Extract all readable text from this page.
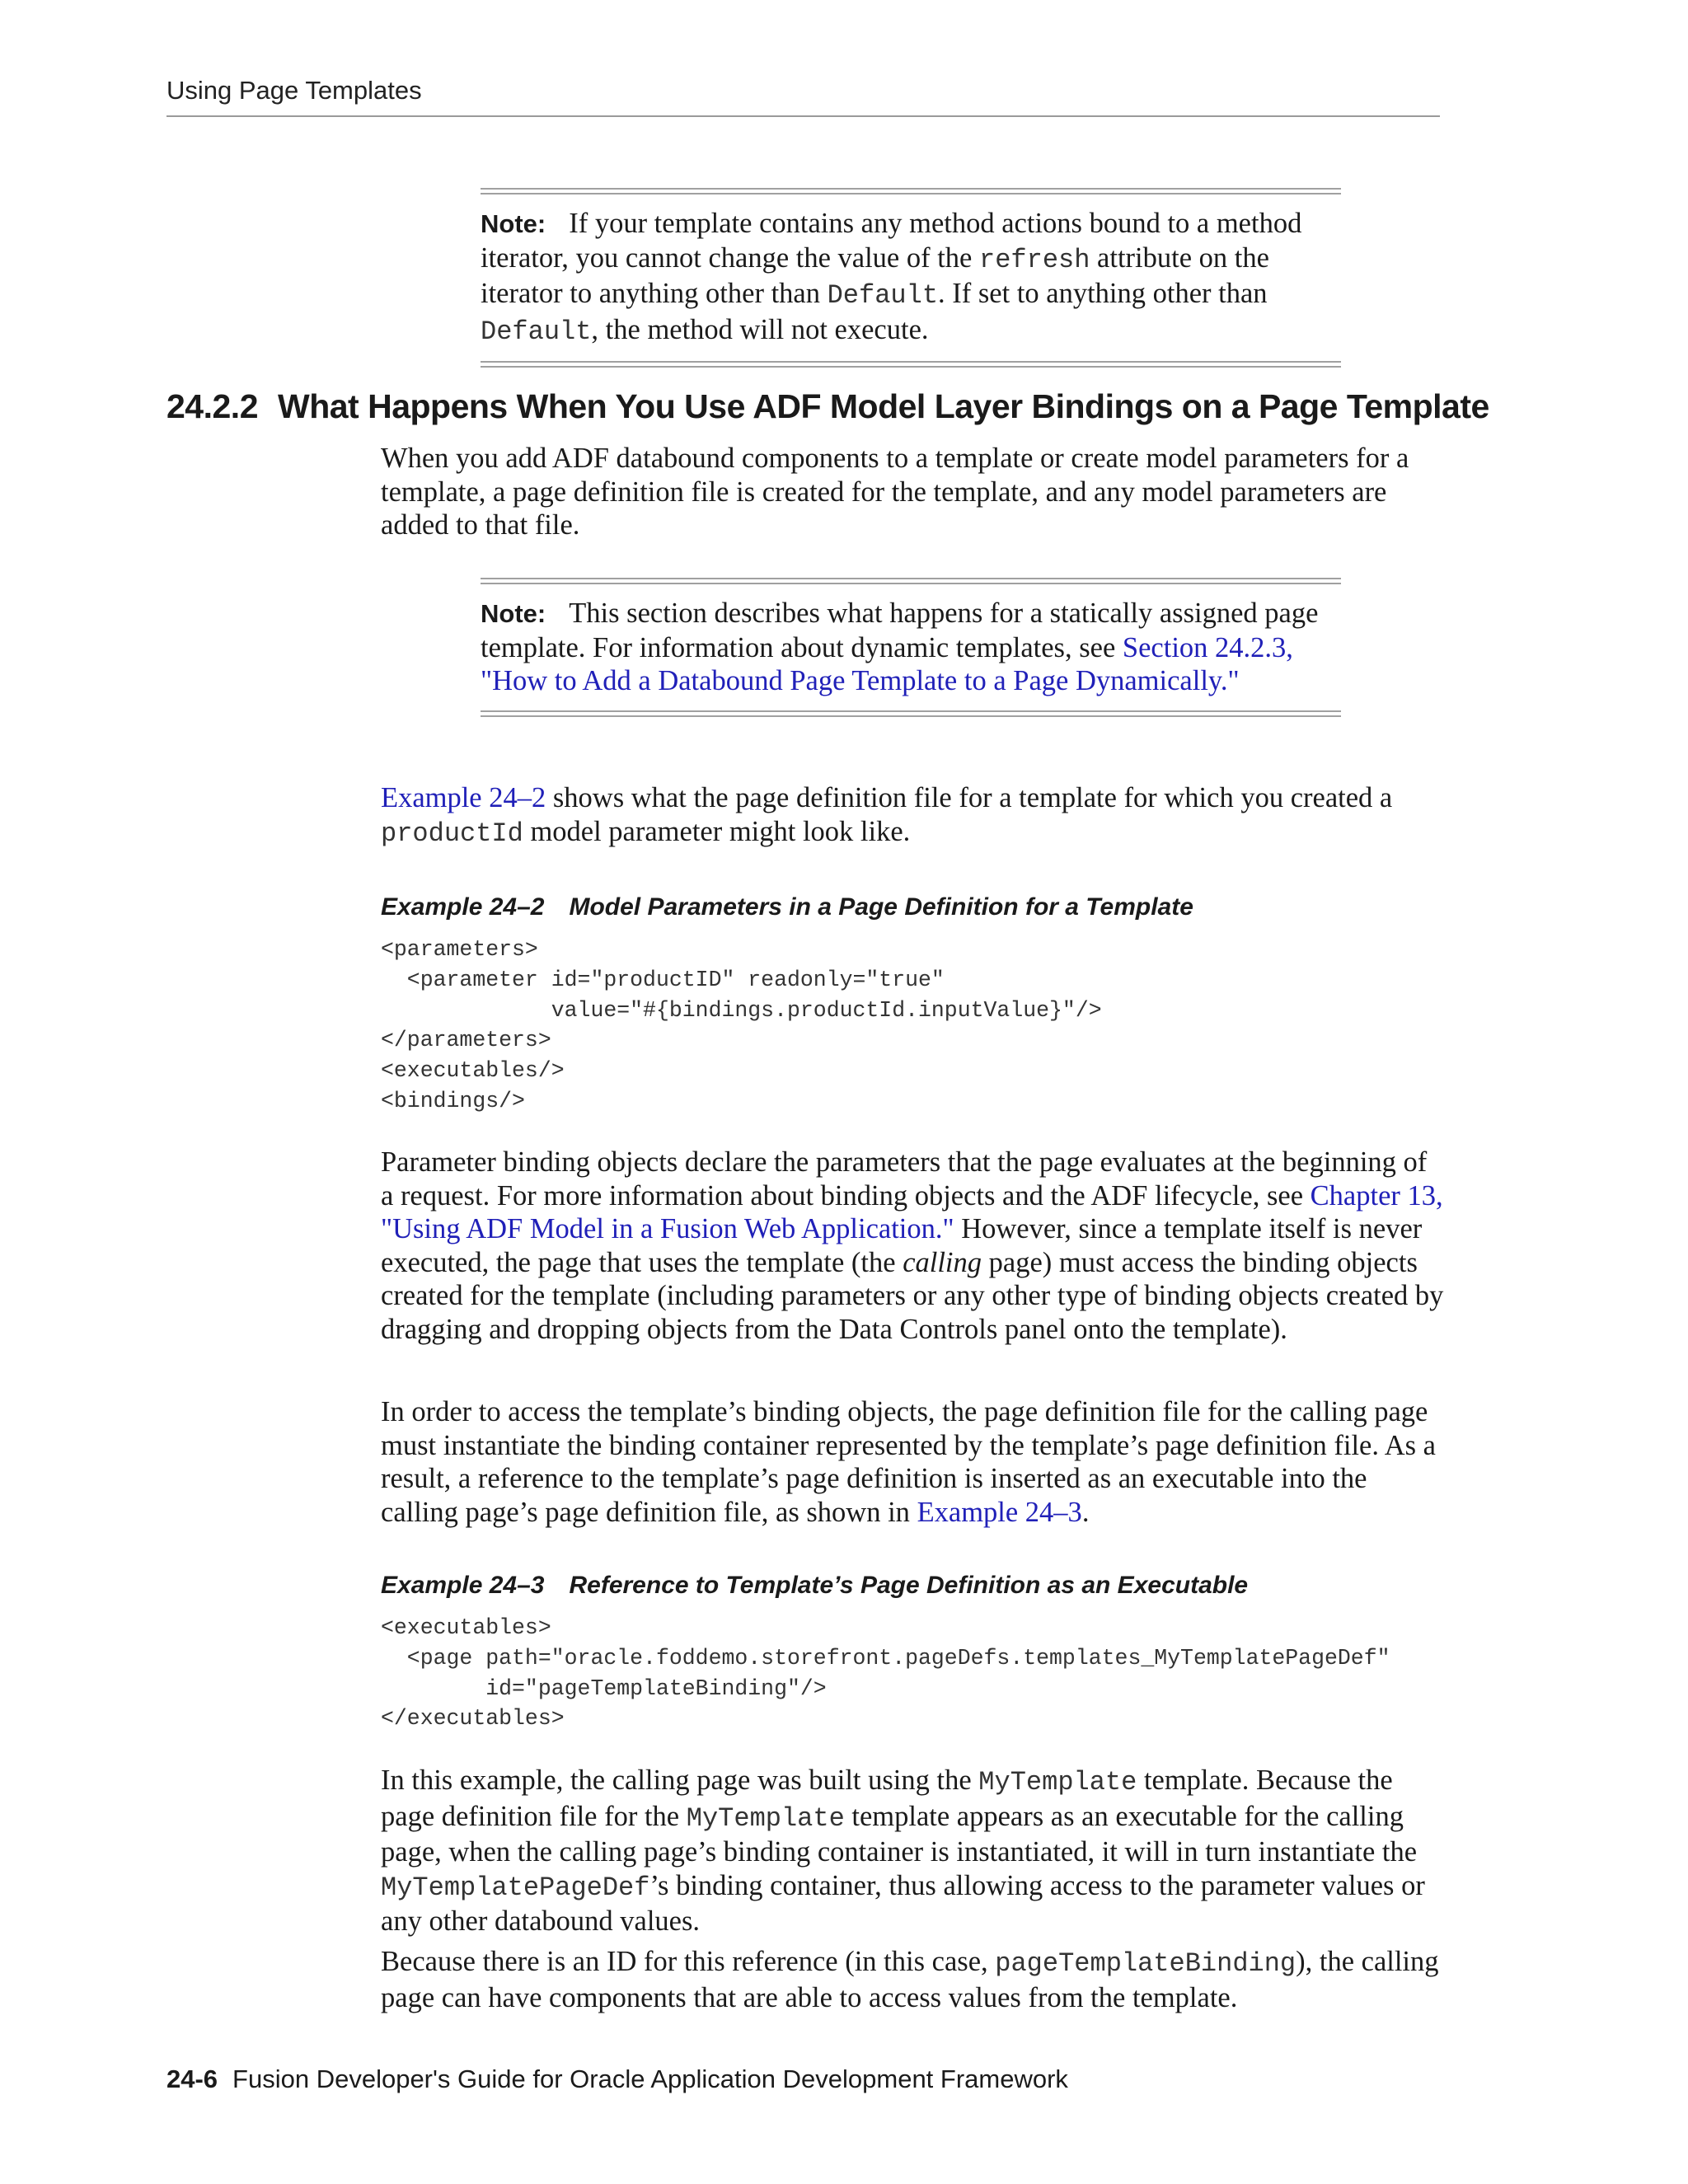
Using Page Templates

Note: If your template contains any method actions bound to a method iterator, you cannot change the value of the refresh attribute on the iterator to anything other than Default. If set to anything other than Default, the method will not execute.

24.2.2 What Happens When You Use ADF Model Layer Bindings on a Page Template

When you add ADF databound components to a template or create model parameters for a template, a page definition file is created for the template, and any model parameters are added to that file.

Note: This section describes what happens for a statically assigned page template. For information about dynamic templates, see Section 24.2.3, "How to Add a Databound Page Template to a Page Dynamically."

Example 24–2 shows what the page definition file for a template for which you created a productId model parameter might look like.

Example 24–2 Model Parameters in a Page Definition for a Template
<parameters>
<parameter id="productID" readonly="true"
value="#{bindings.productId.inputValue}"/>
</parameters>
<executables/>
<bindings/>

Parameter binding objects declare the parameters that the page evaluates at the beginning of a request. For more information about binding objects and the ADF lifecycle, see Chapter 13, "Using ADF Model in a Fusion Web Application." However, since a template itself is never executed, the page that uses the template (the calling page) must access the binding objects created for the template (including parameters or any other type of binding objects created by dragging and dropping objects from the Data Controls panel onto the template).

In order to access the template’s binding objects, the page definition file for the calling page must instantiate the binding container represented by the template’s page definition file. As a result, a reference to the template’s page definition is inserted as an executable into the calling page’s page definition file, as shown in Example 24–3.

Example 24–3 Reference to Template’s Page Definition as an Executable
<executables>
<page path="oracle.foddemo.storefront.pageDefs.templates_MyTemplatePageDef"
id="pageTemplateBinding"/>
</executables>

In this example, the calling page was built using the MyTemplate template. Because the page definition file for the MyTemplate template appears as an executable for the calling page, when the calling page’s binding container is instantiated, it will in turn instantiate the MyTemplatePageDef’s binding container, thus allowing access to the parameter values or any other databound values.

Because there is an ID for this reference (in this case, pageTemplateBinding), the calling page can have components that are able to access values from the template.

24-6 Fusion Developer's Guide for Oracle Application Development Framework
